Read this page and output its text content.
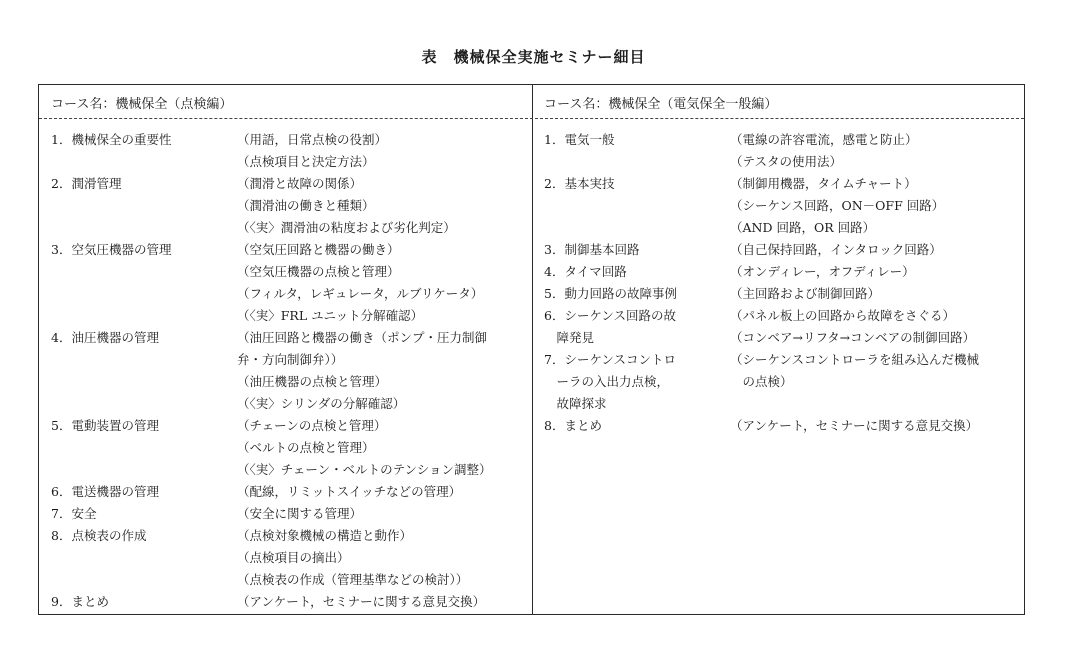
表 機械保全実施セミナー細目
コース名：機械保全（点検編）	コース名：機械保全（電気保全一般編）
1．機械保全の重要性	（用語，日常点検の役割）
（点検項目と決定方法）
2．潤滑管理	（潤滑と故障の関係）
（潤滑油の働きと種類）
（〈実〉潤滑油の粘度および劣化判定）
3．空気圧機器の管理	（空気圧回路と機器の働き）
（空気圧機器の点検と管理）
（フィルタ，レギュレータ，ルブリケータ）
（〈実〉FRL ユニット分解確認）
4．油圧機器の管理	（油圧回路と機器の働き（ポンプ・圧力制御
弁・方向制御弁））
（油圧機器の点検と管理）
（〈実〉シリンダの分解確認）
5．電動装置の管理	（チェーンの点検と管理）
（ベルトの点検と管理）
（〈実〉チェーン・ベルトのテンション調整）
6．電送機器の管理	（配線，リミットスイッチなどの管理）
7．安全	（安全に関する管理）
8．点検表の作成	（点検対象機械の構造と動作）
（点検項目の摘出）
（点検表の作成（管理基準などの検討））
9．まとめ	（アンケート，セミナーに関する意見交換）
1．電気一般	（電線の許容電流，感電と防止）
（テスタの使用法）
2．基本実技	（制御用機器，タイムチャート）
（シーケンス回路，ON－OFF 回路）
（AND 回路，OR 回路）
3．制御基本回路	（自己保持回路，インタロック回路）
4．タイマ回路	（オンディレー，オフディレー）
5．動力回路の故障事例	（主回路および制御回路）
6．シーケンス回路の故
　障発見
（パネル板上の回路から故障をさぐる）
（コンベア→リフタ→コンベアの制御回路）
7．シーケンスコントロ
　ーラの入出力点検，
　故障探求
（シーケンスコントローラを組み込んだ機械
　の点検）
8．まとめ	（アンケート，セミナーに関する意見交換）
